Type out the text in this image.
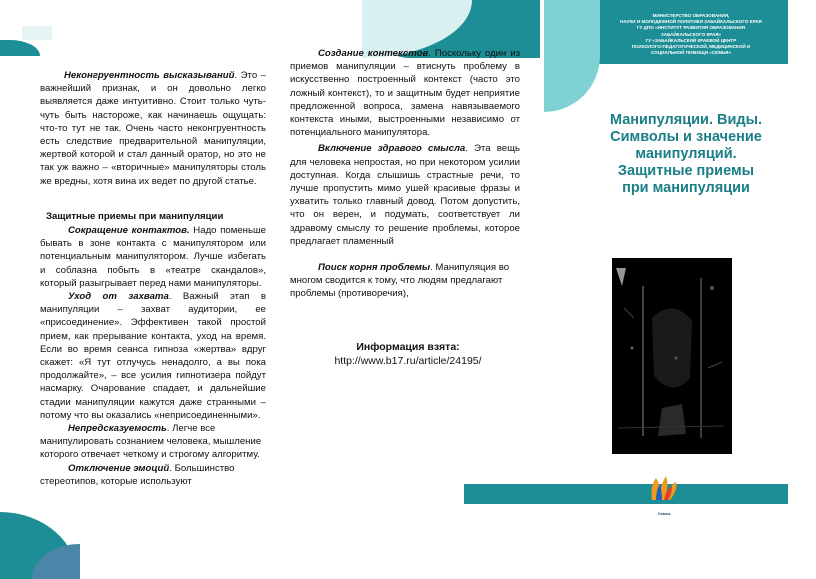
Неконгруентность высказываний. Это – важнейший признак, и он довольно легко выявляется даже интуитивно. Стоит только чуть-чуть быть настороже, как начинаешь ощущать: что-то тут не так. Очень часто неконгруентность есть следствие предварительной манипуляции, жертвой которой и стал данный оратор, но это не так уж важно – «вторичные» манипуляторы столь же вредны, хотя вина их ведет по другой статье.

Защитные приемы при манипуляции

Сокращение контактов. Надо поменьше бывать в зоне контакта с манипулятором или потенциальным манипулятором. Лучше избегать и соблазна побыть в «театре скандалов», который разыгрывает перед нами манипуляторы.

Уход от захвата. Важный этап в манипуляции – захват аудитории, ее «присоединение». Эффективен такой простой прием, как прерывание контакта, уход на время. Если во время сеанса гипноза «жертва» вдруг скажет: «Я тут отлучусь ненадолго, а вы пока продолжайте», – все усилия гипнотизера пойдут насмарку. Очарование спадает, и дальнейшие стадии манипуляции кажутся даже странными – потому что вы оказались «неприсоединенными».

Непредсказуемость. Легче все манипулировать сознанием человека, мышление которого отвечает четкому и строгому алгоритму.

Отключение эмоций. Большинство стереотипов, которые используют

Создание контекстов. Поскольку один из приемов манипуляции – втиснуть проблему в искусственно построенный контекст (часто это ложный контекст), то и защитным будет неприятие предложенной вопроса, замена навязываемого контекста иными, выстроенными независимо от потенциального манипулятора.

Включение здравого смысла. Эта вещь для человека непростая, но при некотором усилии доступная. Когда слышишь страстные речи, то лучше пропустить мимо ушей красивые фразы и ухватить только главный довод. Потом допустить, что он верен, и подумать, соответствует ли здравому смыслу то решение проблемы, которое предлагает пламенный

Поиск корня проблемы. Манипуляция во многом сводится к тому, что людям предлагают проблемы (противоречия),

Информация взята:

http://www.b17.ru/article/24195/

МИНИСТЕРСТВО ОБРАЗОВАНИЯ,

НАУКИ И МОЛОДЕЖНОЙ ПОЛИТИКИ ЗАБАЙКАЛЬСКОГО КРАЯ

ГУ ДПО «ИНСТИТУТ РАЗВИТИЯ ОБРАЗОВАНИЯ

ЗАБАЙКАЛЬСКОГО КРАЯ»

ГУ «ЗАБАЙКАЛЬСКИЙ КРАЕВОЙ ЦЕНТР

ПСИХОЛОГО-ПЕДАГОГИЧЕСКОЙ, МЕДИЦИНСКОЙ И

СОЦИАЛЬНОЙ ПОМОЩИ «СЕМЬЯ»

Манипуляции. Виды.

Символы и значение

манипуляций.

Защитные приемы

при манипуляции

Семья
